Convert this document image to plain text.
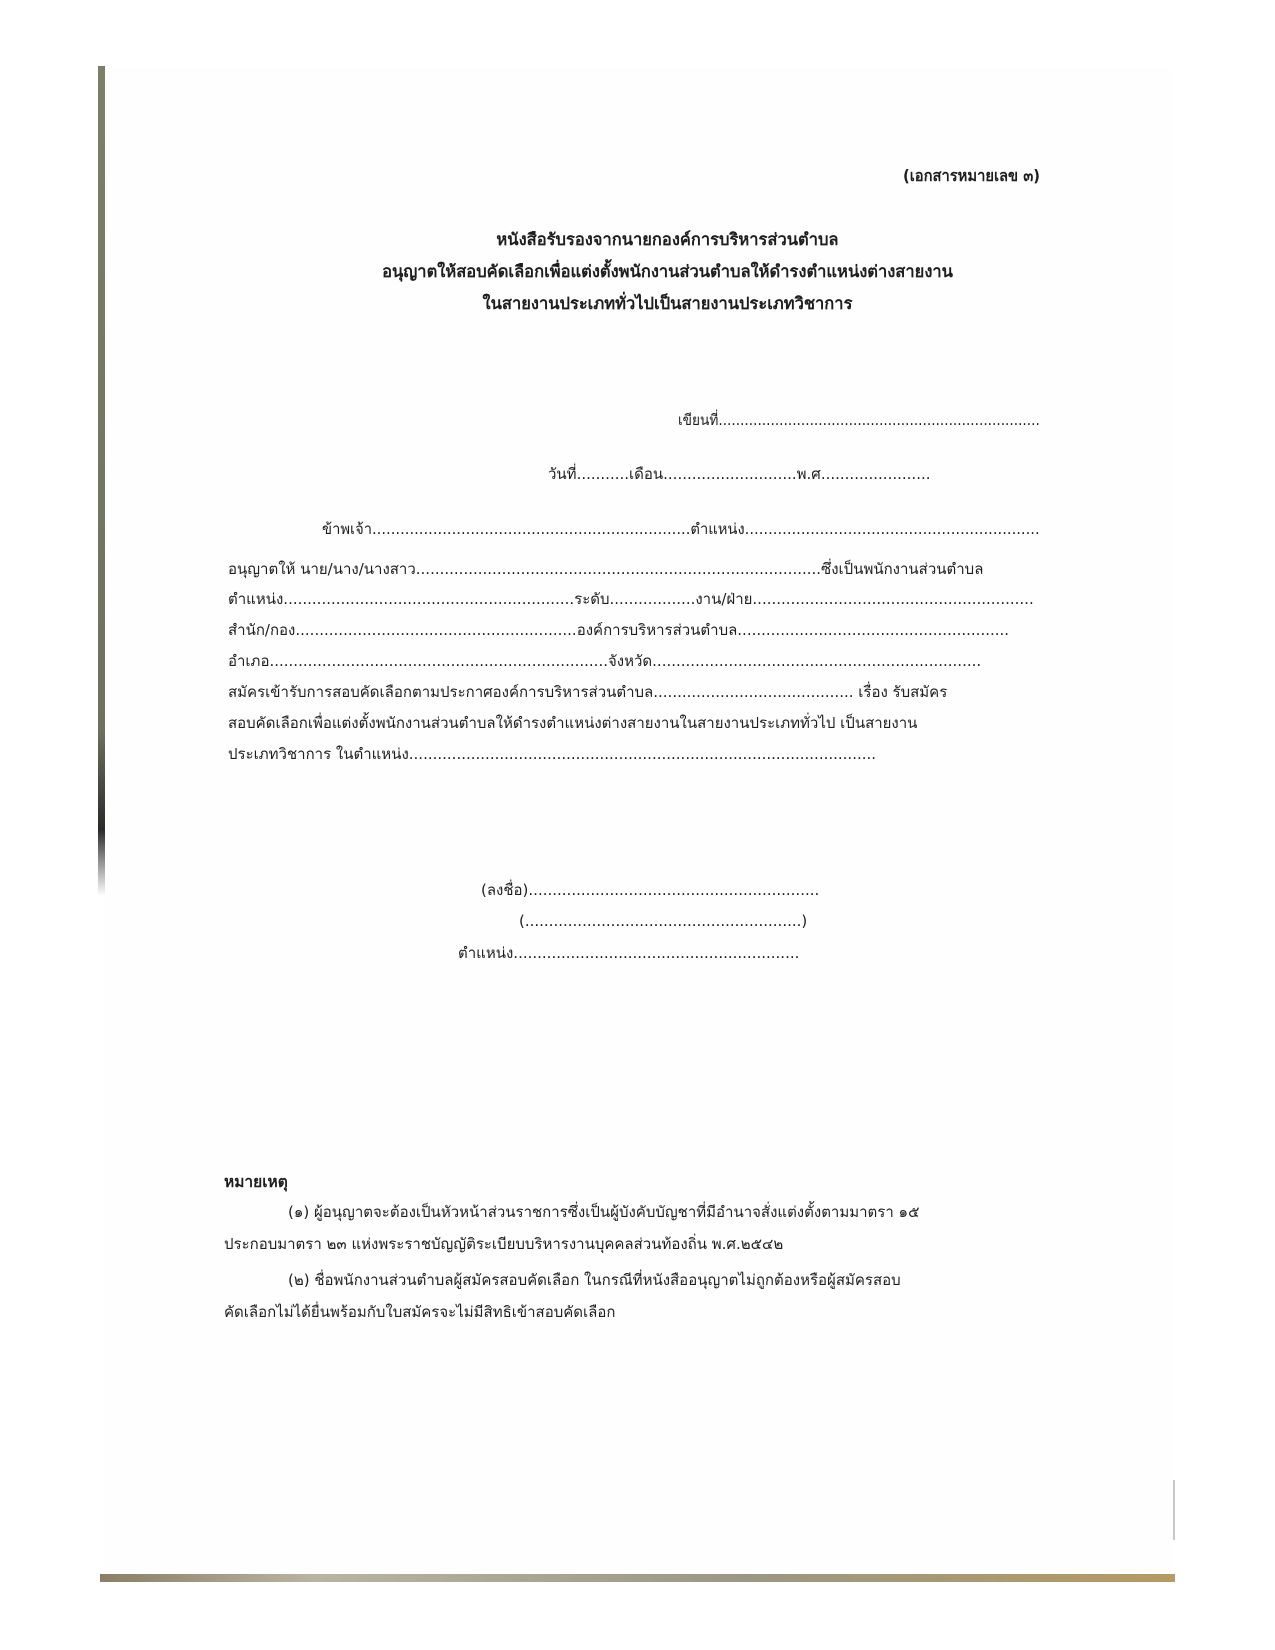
(เอกสารหมายเลข ๓)
หนังสือรับรองจากนายกองค์การบริหารส่วนตำบล
อนุญาตให้สอบคัดเลือกเพื่อแต่งตั้งพนักงานส่วนตำบลให้ดำรงตำแหน่งต่างสายงาน
ในสายงานประเภททั่วไปเป็นสายงานประเภทวิชาการ
เขียนที่..........................................................................
วันที่...........เดือน............................พ.ศ.......................
ข้าพเจ้า....................................................................ตำแหน่ง...............................................................
อนุญาตให้ นาย/นาง/นางสาว.....................................................................................ซึ่งเป็นพนักงานส่วนตำบล
ตำแหน่ง.............................................................ระดับ..................งาน/ฝ่าย...........................................................
สำนัก/กอง...........................................................องค์การบริหารส่วนตำบล.........................................................
อำเภอ.......................................................................จังหวัด.....................................................................
สมัครเข้ารับการสอบคัดเลือกตามประกาศองค์การบริหารส่วนตำบล.......................................... เรื่อง รับสมัคร
สอบคัดเลือกเพื่อแต่งตั้งพนักงานส่วนตำบลให้ดำรงตำแหน่งต่างสายงานในสายงานประเภททั่วไป เป็นสายงาน
ประเภทวิชาการ ในตำแหน่ง..................................................................................................
(ลงชื่อ).............................................................
(..........................................................)
ตำแหน่ง............................................................
หมายเหตุ
(๑) ผู้อนุญาตจะต้องเป็นหัวหน้าส่วนราชการซึ่งเป็นผู้บังคับบัญชาที่มีอำนาจสั่งแต่งตั้งตามมาตรา ๑๕
ประกอบมาตรา ๒๓ แห่งพระราชบัญญัติระเบียบบริหารงานบุคคลส่วนท้องถิ่น พ.ศ.๒๕๔๒
(๒) ชื่อพนักงานส่วนตำบลผู้สมัครสอบคัดเลือก ในกรณีที่หนังสืออนุญาตไม่ถูกต้องหรือผู้สมัครสอบ
คัดเลือกไม่ได้ยื่นพร้อมกับใบสมัครจะไม่มีสิทธิเข้าสอบคัดเลือก
